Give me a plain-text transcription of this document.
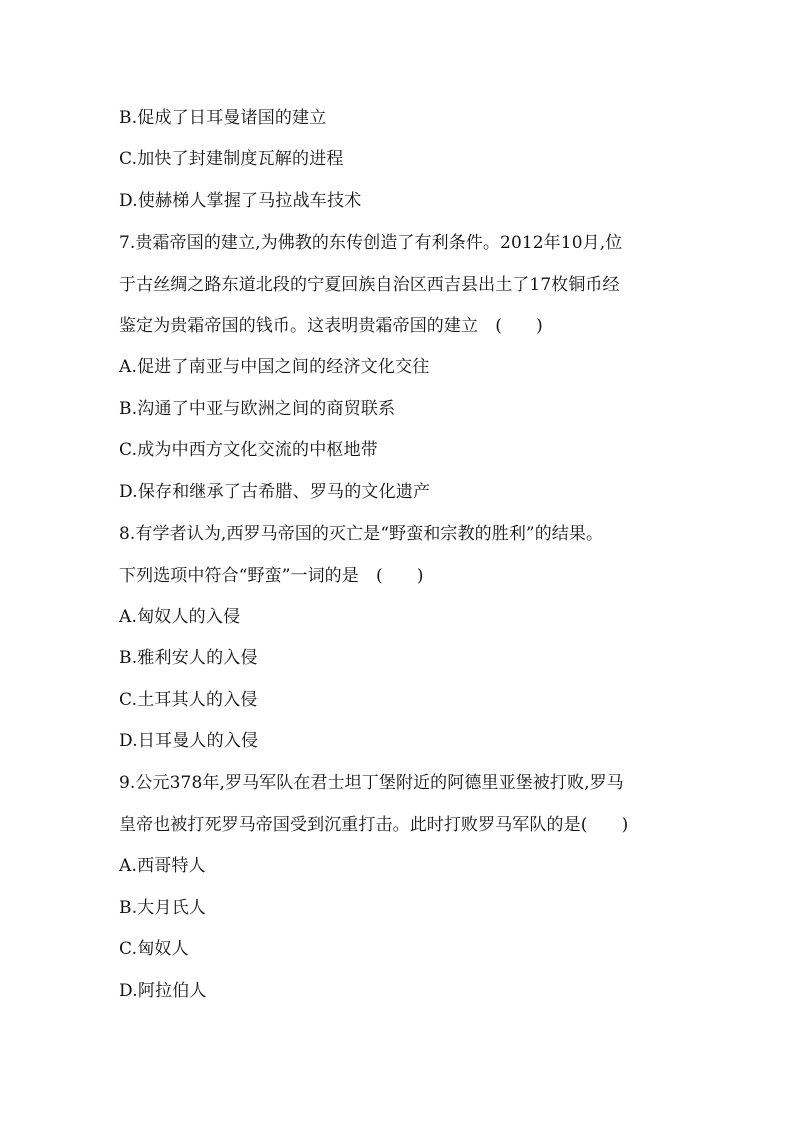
B.促成了日耳曼诸国的建立
C.加快了封建制度瓦解的进程
D.使赫梯人掌握了马拉战车技术
7.贵霜帝国的建立,为佛教的东传创造了有利条件。2012年10月,位
于古丝绸之路东道北段的宁夏回族自治区西吉县出土了17枚铜币经
鉴定为贵霜帝国的钱币。这表明贵霜帝国的建立　(　　)
A.促进了南亚与中国之间的经济文化交往
B.沟通了中亚与欧洲之间的商贸联系
C.成为中西方文化交流的中枢地带
D.保存和继承了古希腊、罗马的文化遗产
8.有学者认为,西罗马帝国的灭亡是“野蛮和宗教的胜利”的结果。
下列选项中符合“野蛮”一词的是　(　　)
A.匈奴人的入侵
B.雅利安人的入侵
C.土耳其人的入侵
D.日耳曼人的入侵
9.公元378年,罗马军队在君士坦丁堡附近的阿德里亚堡被打败,罗马
皇帝也被打死罗马帝国受到沉重打击。此时打败罗马军队的是(　　)
A.西哥特人
B.大月氏人
C.匈奴人
D.阿拉伯人
